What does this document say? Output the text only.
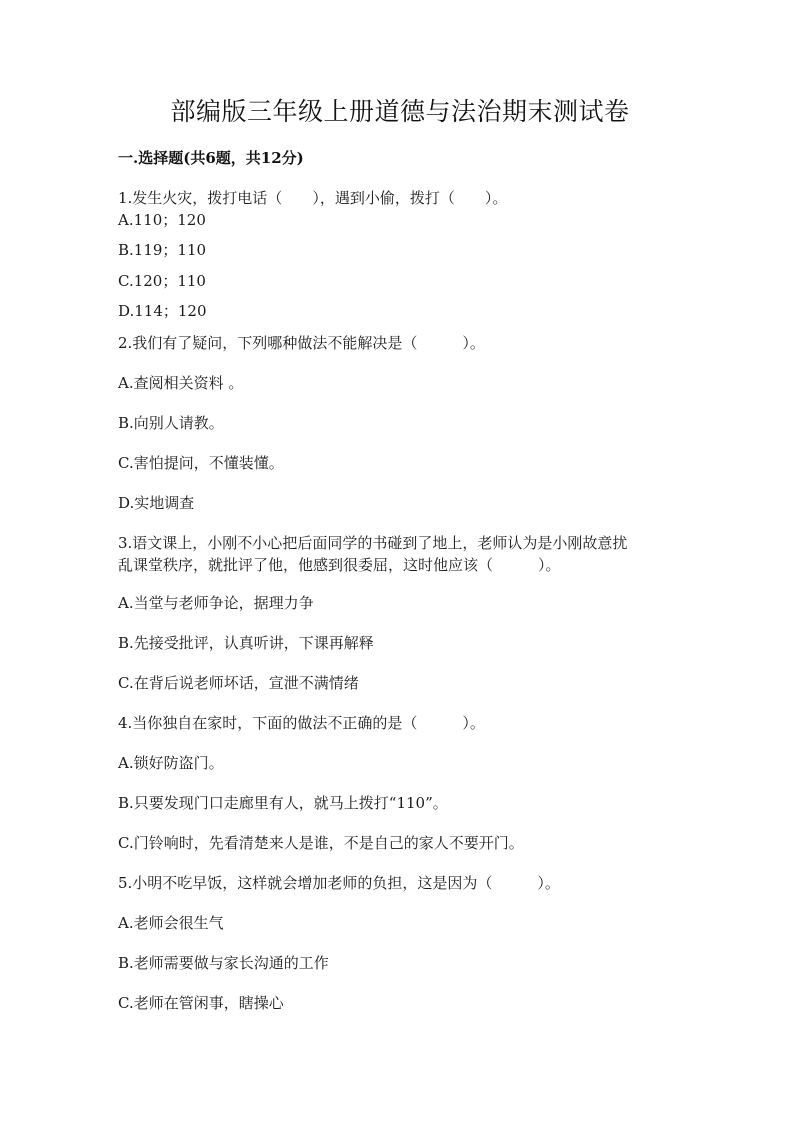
部编版三年级上册道德与法治期末测试卷
一.选择题(共6题，共12分)
1.发生火灾，拨打电话（　　），遇到小偷，拨打（　　）。
A.110；120
B.119；110
C.120；110
D.114；120
2.我们有了疑问，下列哪种做法不能解决是（　　　）。
A.查阅相关资料 。
B.向别人请教。
C.害怕提问，不懂装懂。
D.实地调查
3.语文课上，小刚不小心把后面同学的书碰到了地上，老师认为是小刚故意扰
乱课堂秩序，就批评了他，他感到很委屈，这时他应该（　　　）。
A.当堂与老师争论，据理力争
B.先接受批评，认真听讲，下课再解释
C.在背后说老师坏话，宣泄不满情绪
4.当你独自在家时，下面的做法不正确的是（　　　）。
A.锁好防盗门。
B.只要发现门口走廊里有人，就马上拨打“110”。
C.门铃响时，先看清楚来人是谁，不是自己的家人不要开门。
5.小明不吃早饭，这样就会增加老师的负担，这是因为（　　　）。
A.老师会很生气
B.老师需要做与家长沟通的工作
C.老师在管闲事，瞎操心
